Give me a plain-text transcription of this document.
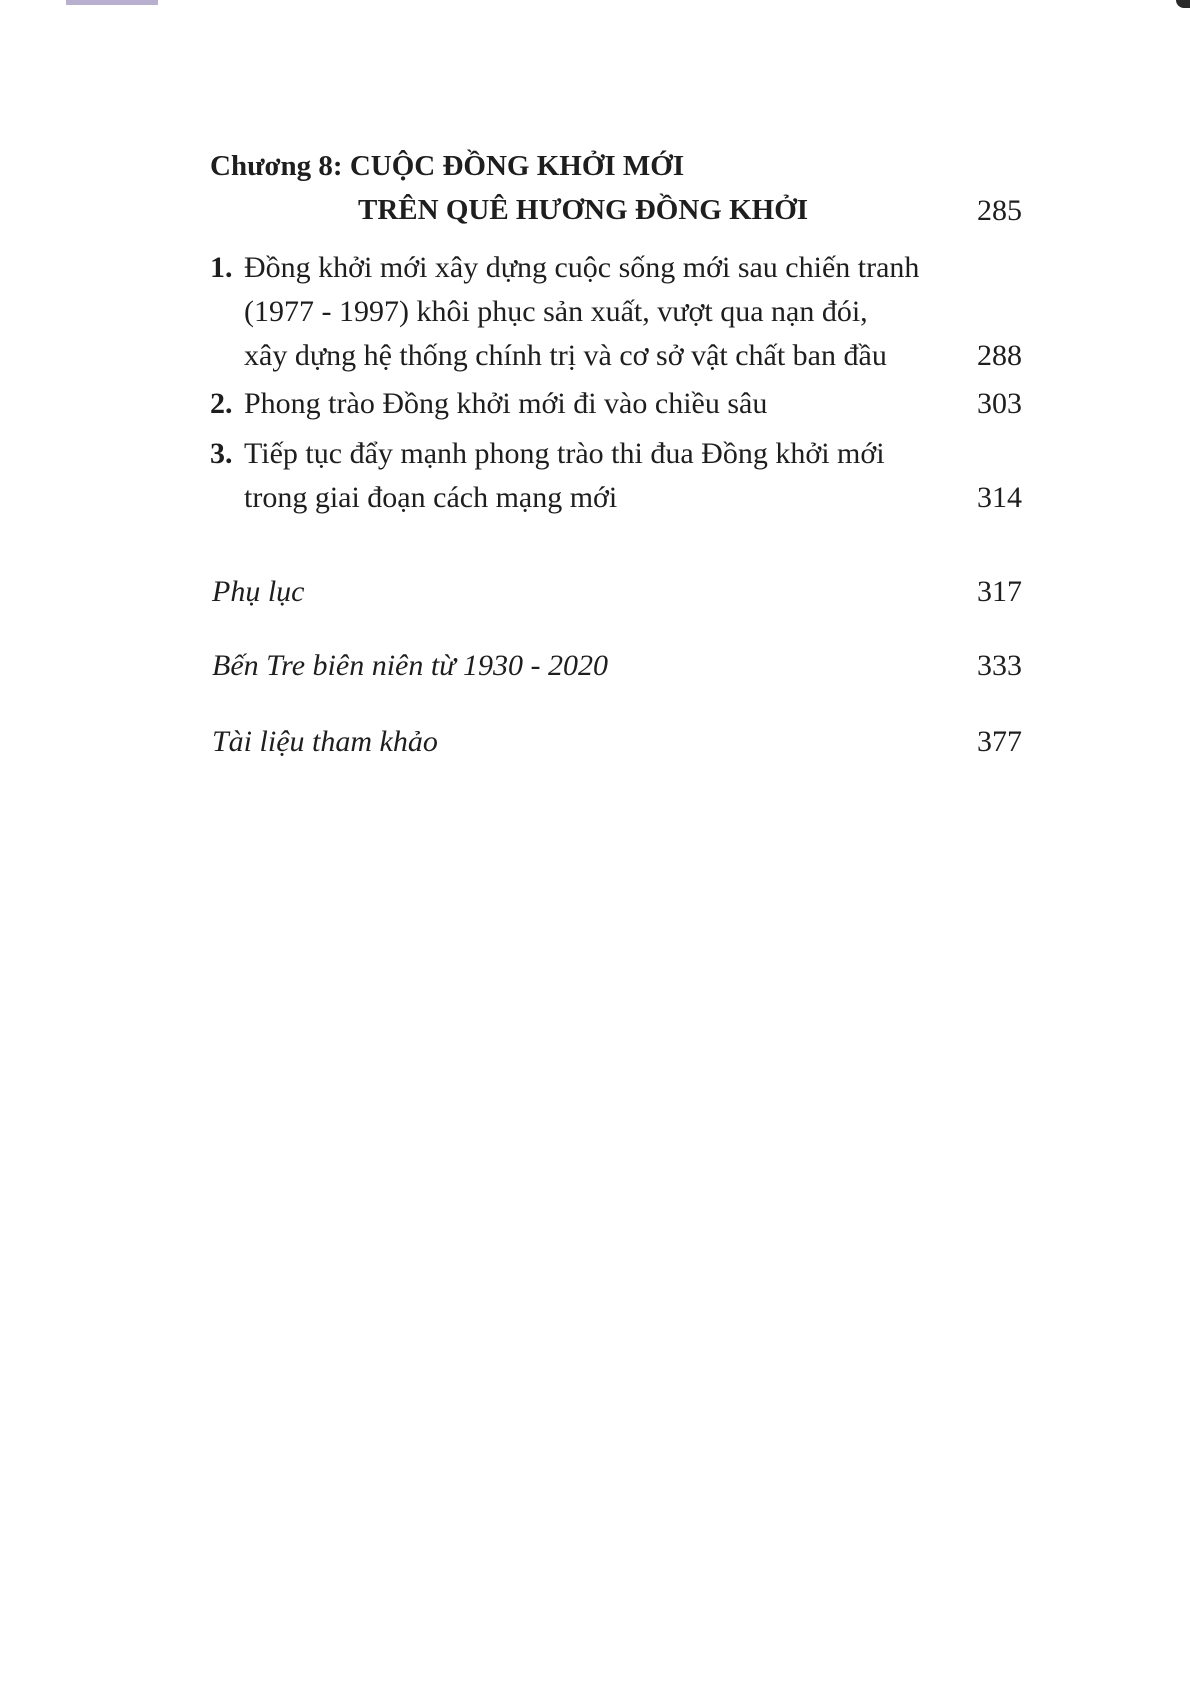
Chương 8: CUỘC ĐỒNG KHỞI MỚI
TRÊN QUÊ HƯƠNG ĐỒNG KHỞI	285
1. Đồng khởi mới xây dựng cuộc sống mới sau chiến tranh
(1977 - 1997) khôi phục sản xuất, vượt qua nạn đói,
xây dựng hệ thống chính trị và cơ sở vật chất ban đầu	288
2. Phong trào Đồng khởi mới đi vào chiều sâu	303
3. Tiếp tục đẩy mạnh phong trào thi đua Đồng khởi mới
trong giai đoạn cách mạng mới	314
Phụ lục	317
Bến Tre biên niên từ 1930 - 2020	333
Tài liệu tham khảo	377
